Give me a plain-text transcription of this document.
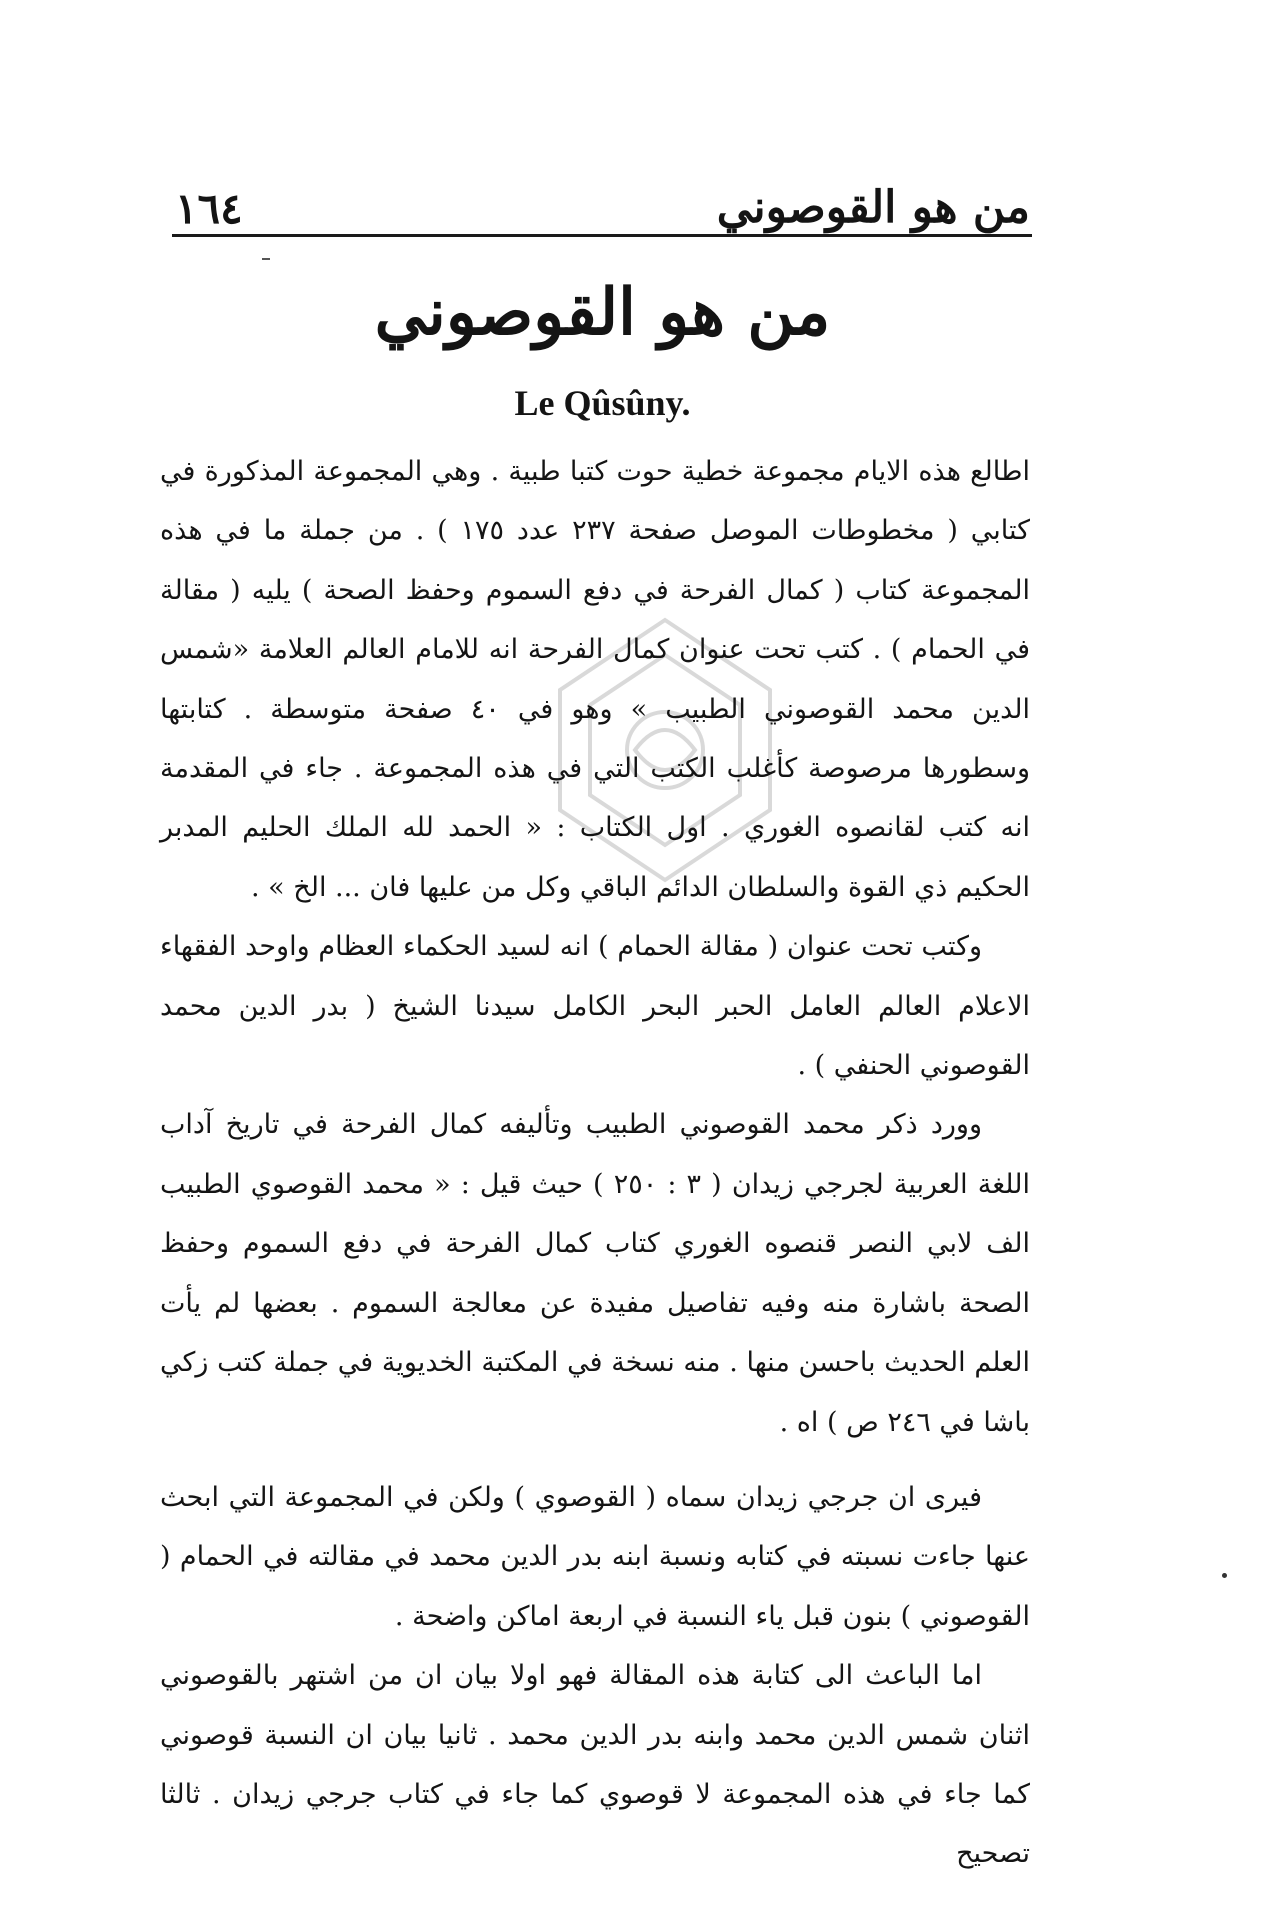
من هو القوصوني
١٦٤
من هو القوصوني
Le Qûsûny.

اطالع هذه الايام مجموعة خطية حوت كتبا طبية . وهي المجموعة المذكورة في كتابي ( مخطوطات الموصل صفحة ٢٣٧ عدد ١٧٥ ) . من جملة ما في هذه المجموعة كتاب ( كمال الفرحة في دفع السموم وحفظ الصحة ) يليه ( مقالة في الحمام ) . كتب تحت عنوان كمال الفرحة انه للامام العالم العلامة «شمس الدين محمد القوصوني الطبيب » وهو في ٤٠ صفحة متوسطة . كتابتها وسطورها مرصوصة كأغلب الكتب التي في هذه المجموعة . جاء في المقدمة انه كتب لقانصوه الغوري . اول الكتاب : « الحمد لله الملك الحليم المدبر الحكيم ذي القوة والسلطان الدائم الباقي وكل من عليها فان ... الخ » .

وكتب تحت عنوان ( مقالة الحمام ) انه لسيد الحكماء العظام واوحد الفقهاء الاعلام العالم العامل الحبر البحر الكامل سيدنا الشيخ ( بدر الدين محمد القوصوني الحنفي ) .

وورد ذكر محمد القوصوني الطبيب وتأليفه كمال الفرحة في تاريخ آداب اللغة العربية لجرجي زيدان ( ٣ : ٢٥٠ ) حيث قيل : « محمد القوصوي الطبيب الف لابي النصر قنصوه الغوري كتاب كمال الفرحة في دفع السموم وحفظ الصحة باشارة منه وفيه تفاصيل مفيدة عن معالجة السموم . بعضها لم يأت العلم الحديث باحسن منها . منه نسخة في المكتبة الخديوية في جملة كتب زكي باشا في ٢٤٦ ص ) اه .

فيرى ان جرجي زيدان سماه ( القوصوي ) ولكن في المجموعة التي ابحث عنها جاءت نسبته في كتابه ونسبة ابنه بدر الدين محمد في مقالته في الحمام ( القوصوني ) بنون قبل ياء النسبة في اربعة اماكن واضحة .

اما الباعث الى كتابة هذه المقالة فهو اولا بيان ان من اشتهر بالقوصوني اثنان شمس الدين محمد وابنه بدر الدين محمد . ثانيا بيان ان النسبة قوصوني كما جاء في هذه المجموعة لا قوصوي كما جاء في كتاب جرجي زيدان . ثالثا تصحيح
